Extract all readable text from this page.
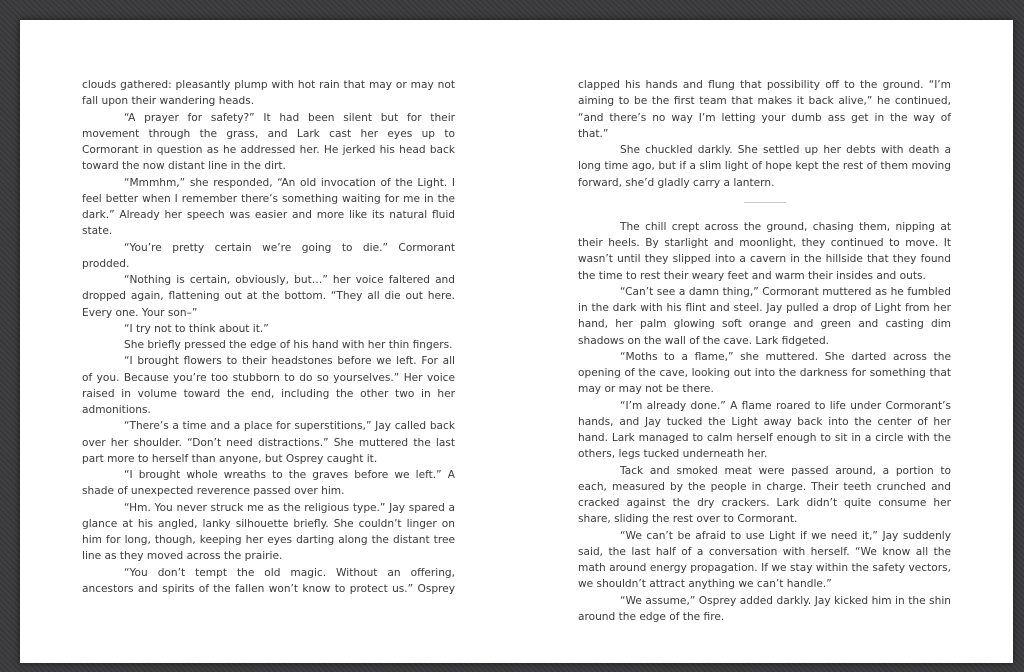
clouds gathered: pleasantly plump with hot rain that may or may not fall upon their wandering heads.

“A prayer for safety?” It had been silent but for their movement through the grass, and Lark cast her eyes up to Cormorant in question as he addressed her. He jerked his head back toward the now distant line in the dirt.

“Mmmhm,” she responded, “An old invocation of the Light. I feel better when I remember there’s something waiting for me in the dark.” Already her speech was easier and more like its natural fluid state.

“You’re pretty certain we’re going to die.” Cormorant prodded.

“Nothing is certain, obviously, but…” her voice faltered and dropped again, flattening out at the bottom. “They all die out here. Every one. Your son–”

“I try not to think about it.”

She briefly pressed the edge of his hand with her thin fingers.

“I brought flowers to their headstones before we left. For all of you. Because you’re too stubborn to do so yourselves.” Her voice raised in volume toward the end, including the other two in her admonitions.

“There’s a time and a place for superstitions,” Jay called back over her shoulder. “Don’t need distractions.” She muttered the last part more to herself than anyone, but Osprey caught it.

“I brought whole wreaths to the graves before we left.” A shade of unexpected reverence passed over him.

“Hm. You never struck me as the religious type.” Jay spared a glance at his angled, lanky silhouette briefly. She couldn’t linger on him for long, though, keeping her eyes darting along the distant tree line as they moved across the prairie.

“You don’t tempt the old magic. Without an offering, ancestors and spirits of the fallen won’t know to protect us.” Osprey

clapped his hands and flung that possibility off to the ground. “I’m aiming to be the first team that makes it back alive,” he continued, “and there’s no way I’m letting your dumb ass get in the way of that.”

She chuckled darkly. She settled up her debts with death a long time ago, but if a slim light of hope kept the rest of them moving forward, she’d gladly carry a lantern.

The chill crept across the ground, chasing them, nipping at their heels. By starlight and moonlight, they continued to move. It wasn’t until they slipped into a cavern in the hillside that they found the time to rest their weary feet and warm their insides and outs.

“Can’t see a damn thing,” Cormorant muttered as he fumbled in the dark with his flint and steel. Jay pulled a drop of Light from her hand, her palm glowing soft orange and green and casting dim shadows on the wall of the cave. Lark fidgeted.

“Moths to a flame,” she muttered. She darted across the opening of the cave, looking out into the darkness for something that may or may not be there.

“I’m already done.” A flame roared to life under Cormorant’s hands, and Jay tucked the Light away back into the center of her hand. Lark managed to calm herself enough to sit in a circle with the others, legs tucked underneath her.

Tack and smoked meat were passed around, a portion to each, measured by the people in charge. Their teeth crunched and cracked against the dry crackers. Lark didn’t quite consume her share, sliding the rest over to Cormorant.

“We can’t be afraid to use Light if we need it,” Jay suddenly said, the last half of a conversation with herself. “We know all the math around energy propagation. If we stay within the safety vectors, we shouldn’t attract anything we can’t handle.”

“We assume,” Osprey added darkly. Jay kicked him in the shin around the edge of the fire.
